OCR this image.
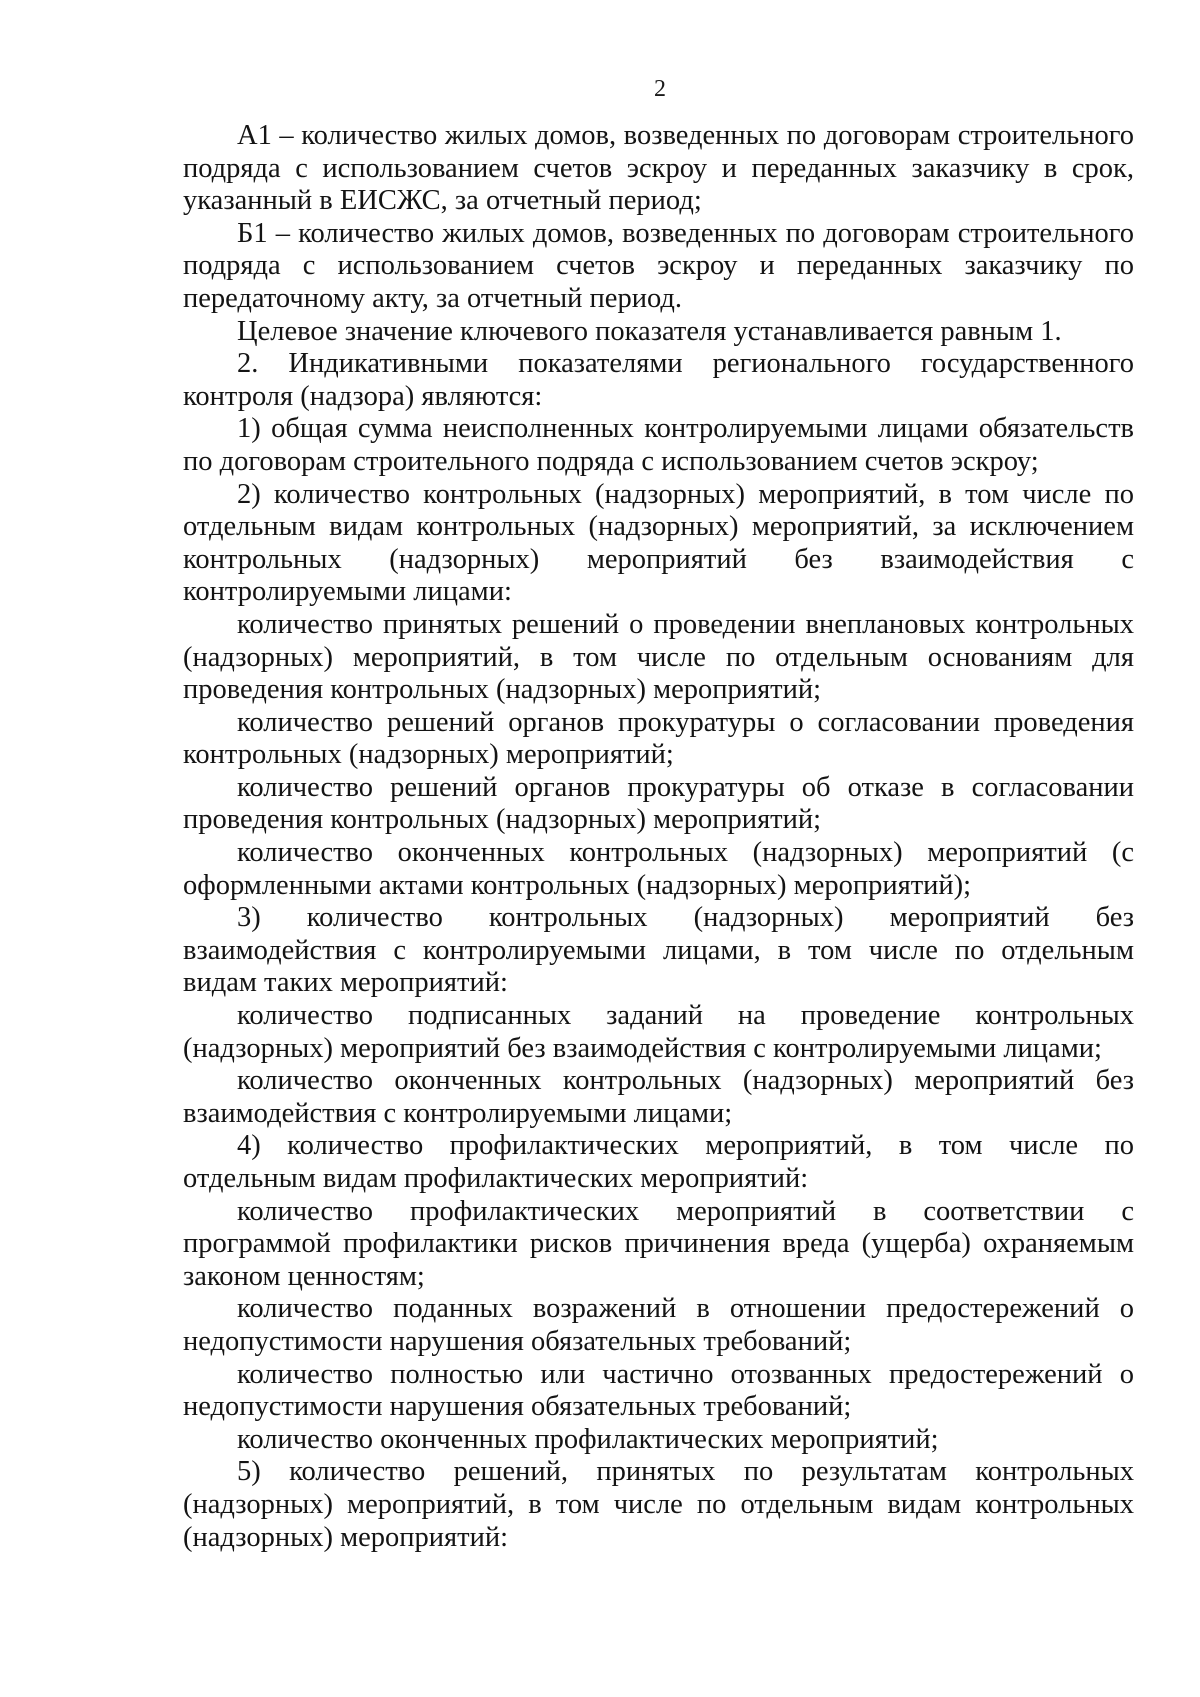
2

А1 – количество жилых домов, возведенных по договорам строительного подряда с использованием счетов эскроу и переданных заказчику в срок, указанный в ЕИСЖС, за отчетный период;

Б1 – количество жилых домов, возведенных по договорам строительного подряда с использованием счетов эскроу и переданных заказчику по передаточному акту, за отчетный период.

Целевое значение ключевого показателя устанавливается равным 1.

2. Индикативными показателями регионального государственного контроля (надзора) являются:

1) общая сумма неисполненных контролируемыми лицами обязательств по договорам строительного подряда с использованием счетов эскроу;

2) количество контрольных (надзорных) мероприятий, в том числе по отдельным видам контрольных (надзорных) мероприятий, за исключением контрольных (надзорных) мероприятий без взаимодействия с контролируемыми лицами:

количество принятых решений о проведении внеплановых контрольных (надзорных) мероприятий, в том числе по отдельным основаниям для проведения контрольных (надзорных) мероприятий;

количество решений органов прокуратуры о согласовании проведения контрольных (надзорных) мероприятий;

количество решений органов прокуратуры об отказе в согласовании проведения контрольных (надзорных) мероприятий;

количество оконченных контрольных (надзорных) мероприятий (с оформленными актами контрольных (надзорных) мероприятий);

3) количество контрольных (надзорных) мероприятий без взаимодействия с контролируемыми лицами, в том числе по отдельным видам таких мероприятий:

количество подписанных заданий на проведение контрольных (надзорных) мероприятий без взаимодействия с контролируемыми лицами;

количество оконченных контрольных (надзорных) мероприятий без взаимодействия с контролируемыми лицами;

4) количество профилактических мероприятий, в том числе по отдельным видам профилактических мероприятий:

количество профилактических мероприятий в соответствии с программой профилактики рисков причинения вреда (ущерба) охраняемым законом ценностям;

количество поданных возражений в отношении предостережений о недопустимости нарушения обязательных требований;

количество полностью или частично отозванных предостережений о недопустимости нарушения обязательных требований;

количество оконченных профилактических мероприятий;

5) количество решений, принятых по результатам контрольных (надзорных) мероприятий, в том числе по отдельным видам контрольных (надзорных) мероприятий:
